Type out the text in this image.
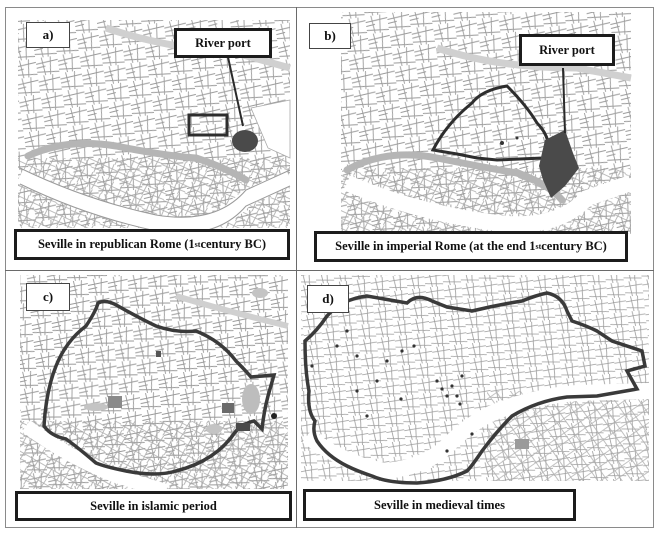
a)
River port
Seville in republican Rome (1 st century BC)
b)
River port
Seville in imperial Rome (at the end 1 st century BC)
c)
Seville in islamic period
d)
Seville in medieval times
